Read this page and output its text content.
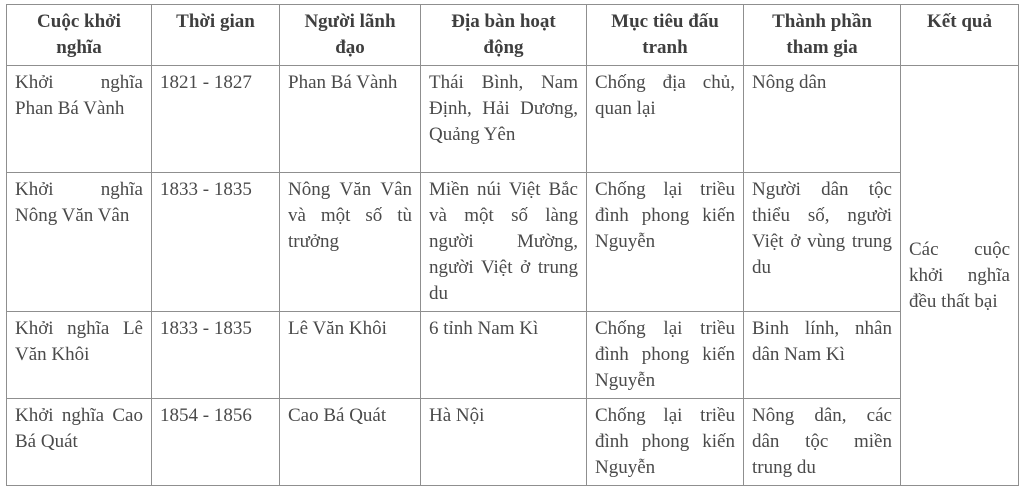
Cuộc khởi nghĩa	Thời gian	Người lãnh đạo	Địa bàn hoạt động	Mục tiêu đấu tranh	Thành phần tham gia	Kết quả
Khởi nghĩa Phan Bá Vành	1821 - 1827	Phan Bá Vành	Thái Bình, Nam Định, Hải Dương, Quảng Yên	Chống địa chủ, quan lại	Nông dân	Các cuộc khởi nghĩa đều thất bại
Khởi nghĩa Nông Văn Vân	1833 - 1835	Nông Văn Vân và một số tù trưởng	Miền núi Việt Bắc và một số làng người Mường, người Việt ở trung du	Chống lại triều đình phong kiến Nguyễn	Người dân tộc thiểu số, người Việt ở vùng trung du	
Khởi nghĩa Lê Văn Khôi	1833 - 1835	Lê Văn Khôi	6 tỉnh Nam Kì	Chống lại triều đình phong kiến Nguyễn	Binh lính, nhân dân Nam Kì	
Khởi nghĩa Cao Bá Quát	1854 - 1856	Cao Bá Quát	Hà Nội	Chống lại triều đình phong kiến Nguyễn	Nông dân, các dân tộc miền trung du	
